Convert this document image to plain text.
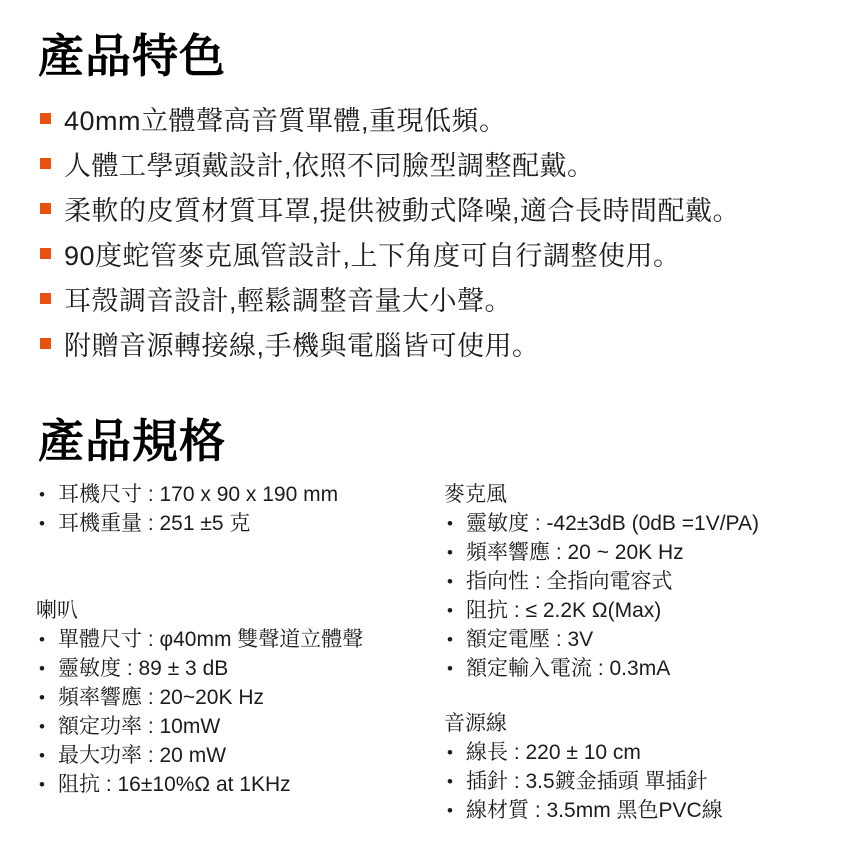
產品特色
40mm立體聲高音質單體,重現低頻。
人體工學頭戴設計,依照不同臉型調整配戴。
柔軟的皮質材質耳罩,提供被動式降噪,適合長時間配戴。
90度蛇管麥克風管設計,上下角度可自行調整使用。
耳殼調音設計,輕鬆調整音量大小聲。
附贈音源轉接線,手機與電腦皆可使用。
產品規格
• 耳機尺寸 : 170 x 90 x 190 mm
• 耳機重量 : 251 ±5 克
喇叭
• 單體尺寸 : φ40mm 雙聲道立體聲
• 靈敏度 : 89 ± 3 dB
• 頻率響應 : 20~20K Hz
• 額定功率 : 10mW
• 最大功率 : 20 mW
• 阻抗 : 16±10%Ω at 1KHz
麥克風
• 靈敏度 : -42±3dB (0dB =1V/PA)
• 頻率響應 : 20 ~ 20K Hz
• 指向性 : 全指向電容式
• 阻抗 : ≤ 2.2K Ω(Max)
• 額定電壓 : 3V
• 額定輸入電流 : 0.3mA
音源線
• 線長 : 220 ± 10 cm
• 插針 : 3.5鍍金插頭 單插針
• 線材質 : 3.5mm 黑色PVC線
